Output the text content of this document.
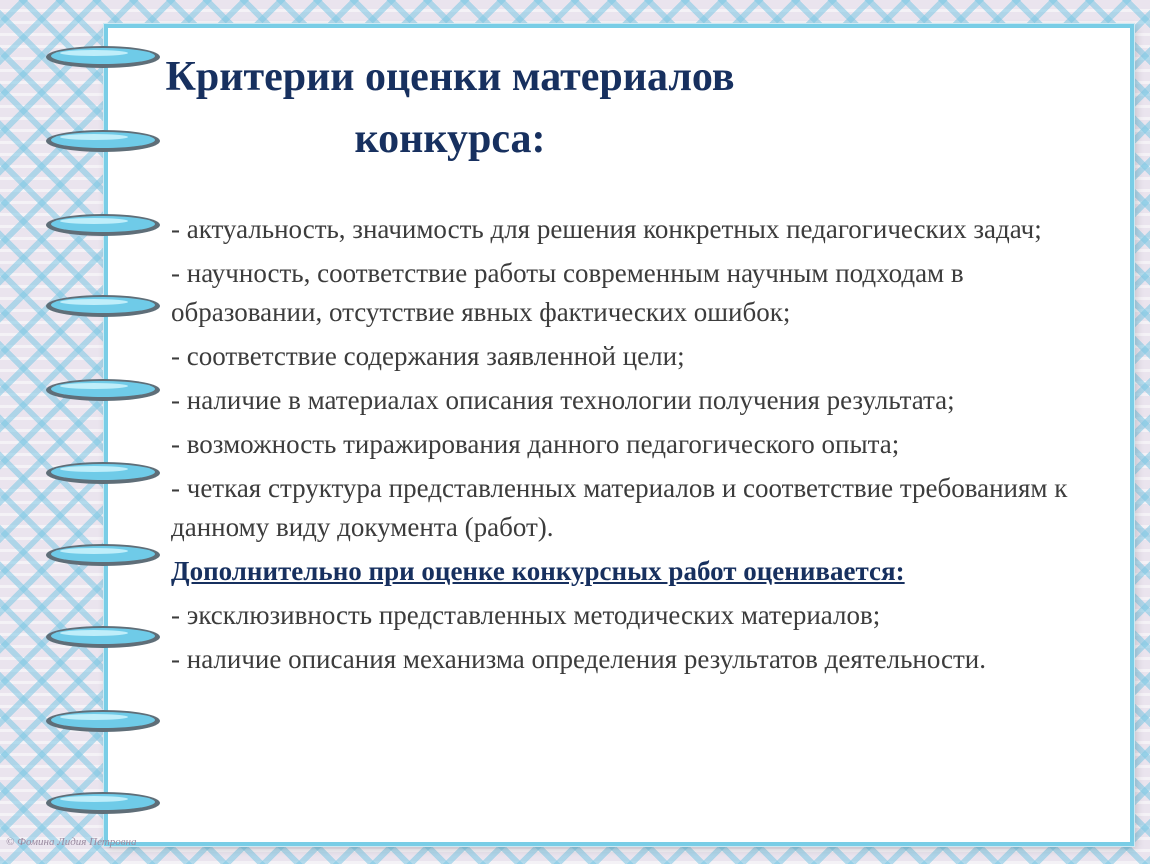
Критерии оценки материалов
конкурса:

- актуальность, значимость для решения конкретных педагогических задач;

- научность, соответствие работы современным научным подходам в образовании, отсутствие явных фактических ошибок;

- соответствие содержания заявленной цели;

- наличие в материалах описания технологии получения результата;

- возможность тиражирования данного педагогического опыта;

- четкая структура представленных материалов и соответствие требованиям к данному виду документа (работ).

Дополнительно при оценке конкурсных работ оценивается:

- эксклюзивность представленных методических материалов;

- наличие описания механизма определения результатов деятельности.

© Фомина Лидия Петровна
